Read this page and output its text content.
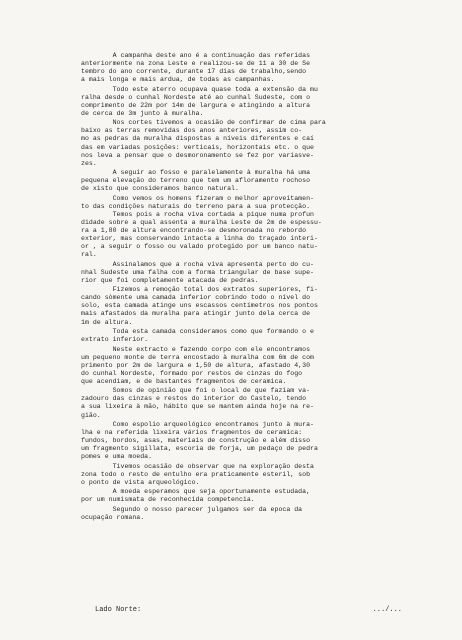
A campanha deste ano é a continuação das referidas
anteriormente na zona Leste e realizou-se de 11 a 30 de Se
tembro do ano corrente, durante 17 dias de trabalho,sendo
a mais longa e mais ardua, de todas as campanhas.

Todo este aterro ocupava quase toda a extensão da mu
ralha desde o cunhal Nordeste até ao cunhal Sudeste, com o
comprimento de 22m por 14m de largura e atingindo a altura
de cerca de 3m junto à muralha.

Nos cortes tivemos a ocasião de confirmar de cima para
baixo as terras removidas dos anos anteriores, assim co-
mo as pedras da muralha dispostas a níveis diferentes e caí
das em variadas posições: verticais, horizontais etc. o que
nos leva a pensar que o desmoronamento se fez por variasve-
zes.

A seguir ao fosso e paralelamente à muralha há uma
pequena elevação do terreno que tem um afloramento rochoso
de xisto que consideramos banco natural.

Como vemos os homens fizeram o melhor aproveitamen-
to das condições naturais do terreno para a sua protecção.
Temos pois a rocha viva cortada a pique numa profun
didade sobre a qual assenta a muralha Leste de 2m de espessu-
ra a 1,80 de altura encontrando-se desmoronada no rebordo
exterior, mas conservando intacta a linha do traçado interi-
or , a seguir o fosso ou valado protegido por um banco natu-
ral.

Assinalamos que a rocha viva apresenta perto do cu-
nhal Sudeste uma falha com a forma triangular de base supe-
rior que foi completamente atacada de pedras.

Fizemos a remoção total dos extratos superiores, fi-
cando sòmente uma camada inferior cobrindo todo o nível do
solo, esta camada atinge uns escassos centímetros nos pontos
mais afastados da muralha para atingir junto dela cerca de
1m de altura.

Toda esta camada consideramos como que formando o e
extrato inferior.

Neste extracto e fazendo corpo com ele encontramos
um pequeno monte de terra encostado à muralha com 6m de com
primento por 2m de largura e 1,50 de altura, afastado 4,30
do cunhal Nordeste, formado por restos de cinzas do fogo
que acendiam, e de bastantes fragmentos de ceramica.

Somos de opinião que foi o local de que faziam va-
zadouro das cinzas e restos do interior do Castelo, tendo
a sua lixeira à mão, hábito que se mantem ainda hoje na re-
gião.

Como espolio arqueológico encontramos junto à mura-
lha e na referida lixeira vários fragmentos de ceramica:
fundos, bordos, asas, materiais de construção e além disso
um fragmento sigillata, escoria de forja, um pedaço de pedra
pomes e uma moeda.

Tivemos ocasião de observar que na exploração desta
zona todo o resto de entulho era praticamente esteril, sob
o ponto de vista arqueológico.

A moeda esperamos que seja oportunamente estudada,
por um numismata de reconhecida competencia.

Segundo o nosso parecer julgamos ser da epoca da
ocupação romana.

Lado Norte:	.../...
